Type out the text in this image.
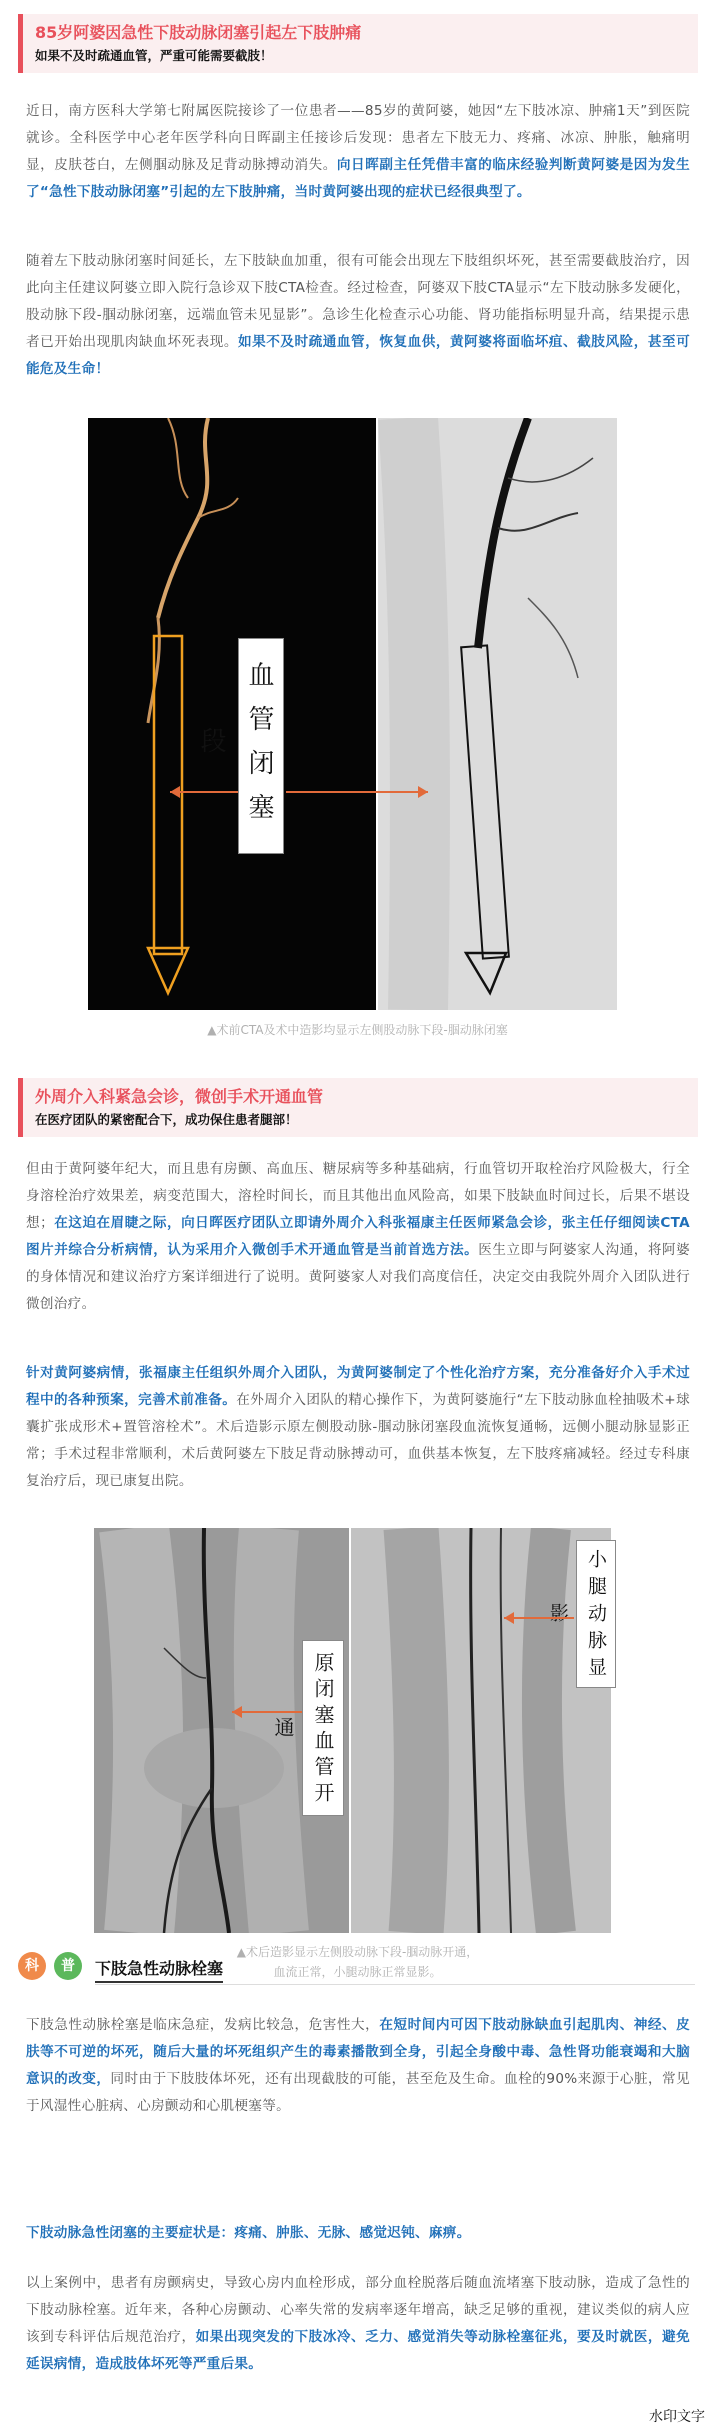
85岁阿婆因急性下肢动脉闭塞引起左下肢肿痛
如果不及时疏通血管，严重可能需要截肢！
近日，南方医科大学第七附属医院接诊了一位患者——85岁的黄阿婆，她因“左下肢冰凉、肿痛1天”到医院就诊。全科医学中心老年医学科向日晖副主任接诊后发现：患者左下肢无力、疼痛、冰凉、肿胀，触痛明显，皮肤苍白，左侧腘动脉及足背动脉搏动消失。向日晖副主任凭借丰富的临床经验判断黄阿婆是因为发生了“急性下肢动脉闭塞”引起的左下肢肿痛，当时黄阿婆出现的症状已经很典型了。
随着左下肢动脉闭塞时间延长，左下肢缺血加重，很有可能会出现左下肢组织坏死，甚至需要截肢治疗，因此向主任建议阿婆立即入院行急诊双下肢CTA检查。经过检查，阿婆双下肢CTA显示“左下肢动脉多发硬化，股动脉下段-腘动脉闭塞，远端血管未见显影”。急诊生化检查示心功能、肾功能指标明显升高，结果提示患者已开始出现肌肉缺血坏死表现。如果不及时疏通血管，恢复血供，黄阿婆将面临坏疽、截肢风险，甚至可能危及生命！
血管闭塞段
▲术前CTA及术中造影均显示左侧股动脉下段-腘动脉闭塞
外周介入科紧急会诊，微创手术开通血管
在医疗团队的紧密配合下，成功保住患者腿部！
但由于黄阿婆年纪大，而且患有房颤、高血压、糖尿病等多种基础病，行血管切开取栓治疗风险极大，行全身溶栓治疗效果差，病变范围大，溶栓时间长，而且其他出血风险高，如果下肢缺血时间过长，后果不堪设想；在这迫在眉睫之际，向日晖医疗团队立即请外周介入科张福康主任医师紧急会诊，张主任仔细阅读CTA图片并综合分析病情，认为采用介入微创手术开通血管是当前首选方法。医生立即与阿婆家人沟通，将阿婆的身体情况和建议治疗方案详细进行了说明。黄阿婆家人对我们高度信任，决定交由我院外周介入团队进行微创治疗。
针对黄阿婆病情，张福康主任组织外周介入团队，为黄阿婆制定了个性化治疗方案，充分准备好介入手术过程中的各种预案，完善术前准备。在外周介入团队的精心操作下，为黄阿婆施行“左下肢动脉血栓抽吸术+球囊扩张成形术+置管溶栓术”。术后造影示原左侧股动脉-腘动脉闭塞段血流恢复通畅，远侧小腿动脉显影正常；手术过程非常顺利，术后黄阿婆左下肢足背动脉搏动可，血供基本恢复，左下肢疼痛减轻。经过专科康复治疗后，现已康复出院。
原闭塞血管开通
小腿动脉显影
▲术后造影显示左侧股动脉下段-腘动脉开通，
血流正常，小腿动脉正常显影。
科	普	下肢急性动脉栓塞
下肢急性动脉栓塞是临床急症，发病比较急，危害性大，在短时间内可因下肢动脉缺血引起肌肉、神经、皮肤等不可逆的坏死，随后大量的坏死组织产生的毒素播散到全身，引起全身酸中毒、急性肾功能衰竭和大脑意识的改变，同时由于下肢肢体坏死，还有出现截肢的可能，甚至危及生命。血栓的90%来源于心脏，常见于风湿性心脏病、心房颤动和心肌梗塞等。
下肢动脉急性闭塞的主要症状是：疼痛、肿胀、无脉、感觉迟钝、麻痹。
以上案例中，患者有房颤病史，导致心房内血栓形成，部分血栓脱落后随血流堵塞下肢动脉，造成了急性的下肢动脉栓塞。近年来，各种心房颤动、心率失常的发病率逐年增高，缺乏足够的重视，建议类似的病人应该到专科评估后规范治疗，如果出现突发的下肢冰冷、乏力、感觉消失等动脉栓塞征兆，要及时就医，避免延误病情，造成肢体坏死等严重后果。
水印文字
